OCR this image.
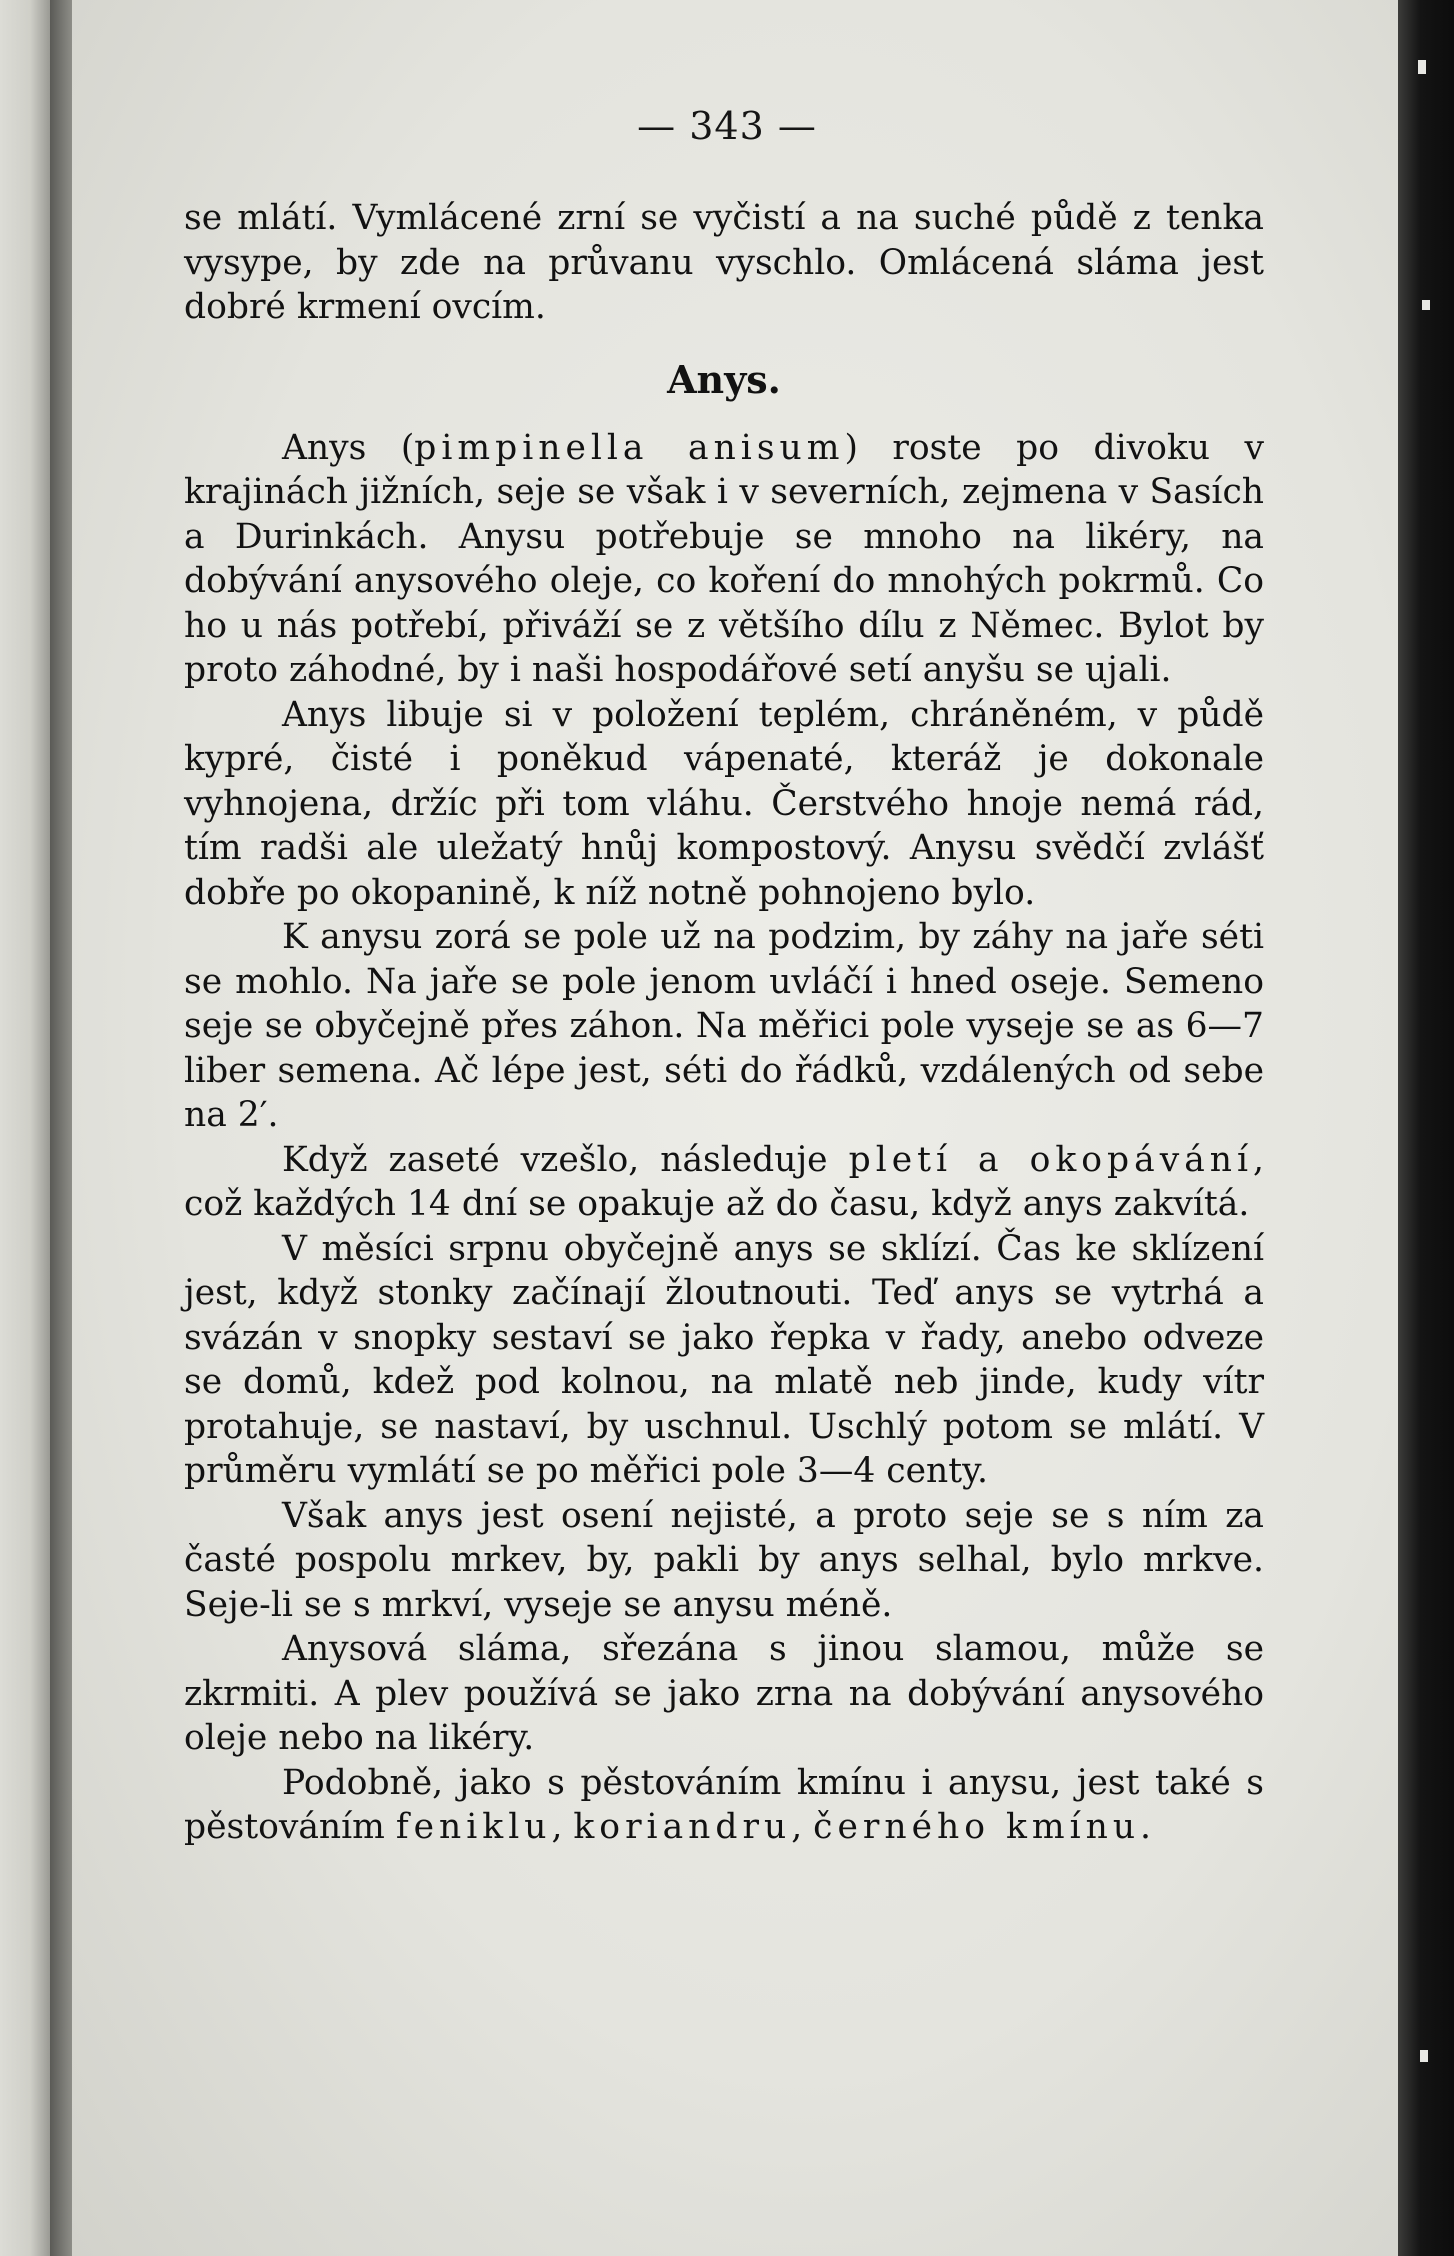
— 343 —

se mlátí. Vymlácené zrní se vyčistí a na suché půdě z tenka vysype, by zde na průvanu vyschlo. Omlácená sláma jest dobré krmení ovcím.

Anys.

Anys (pimpinella anisum) roste po divoku v krajinách jižních, seje se však i v severních, zejmena v Sasích a Durinkách. Anysu potřebuje se mnoho na likéry, na dobývání anysového oleje, co koření do mnohých pokrmů. Co ho u nás potřebí, přiváží se z většího dílu z Němec. Bylot by proto záhodné, by i naši hospodářové setí anyšu se ujali.

Anys libuje si v položení teplém, chráněném, v půdě kypré, čisté i poněkud vápenaté, kteráž je dokonale vyhnojena, držíc při tom vláhu. Čerstvého hnoje nemá rád, tím radši ale uležatý hnůj kompostový. Anysu svědčí zvlášť dobře po okopanině, k níž notně pohnojeno bylo.

K anysu zorá se pole už na podzim, by záhy na jaře séti se mohlo. Na jaře se pole jenom uvláčí i hned oseje. Semeno seje se obyčejně přes záhon. Na měřici pole vyseje se as 6—7 liber semena. Ač lépe jest, séti do řádků, vzdálených od sebe na 2′.

Když zaseté vzešlo, následuje pletí a okopávání, což každých 14 dní se opakuje až do času, když anys zakvítá.

V měsíci srpnu obyčejně anys se sklízí. Čas ke sklízení jest, když stonky začínají žloutnouti. Teď anys se vytrhá a svázán v snopky sestaví se jako řepka v řady, anebo odveze se domů, kdež pod kolnou, na mlatě neb jinde, kudy vítr protahuje, se nastaví, by uschnul. Uschlý potom se mlátí. V průměru vymlátí se po měřici pole 3—4 centy.

Však anys jest osení nejisté, a proto seje se s ním za časté pospolu mrkev, by, pakli by anys selhal, bylo mrkve. Seje-li se s mrkví, vyseje se anysu méně.

Anysová sláma, sřezána s jinou slamou, může se zkrmiti. A plev používá se jako zrna na dobývání anysového oleje nebo na likéry.

Podobně, jako s pěstováním kmínu i anysu, jest také s pěstováním feniklu, koriandru, černého kmínu.
